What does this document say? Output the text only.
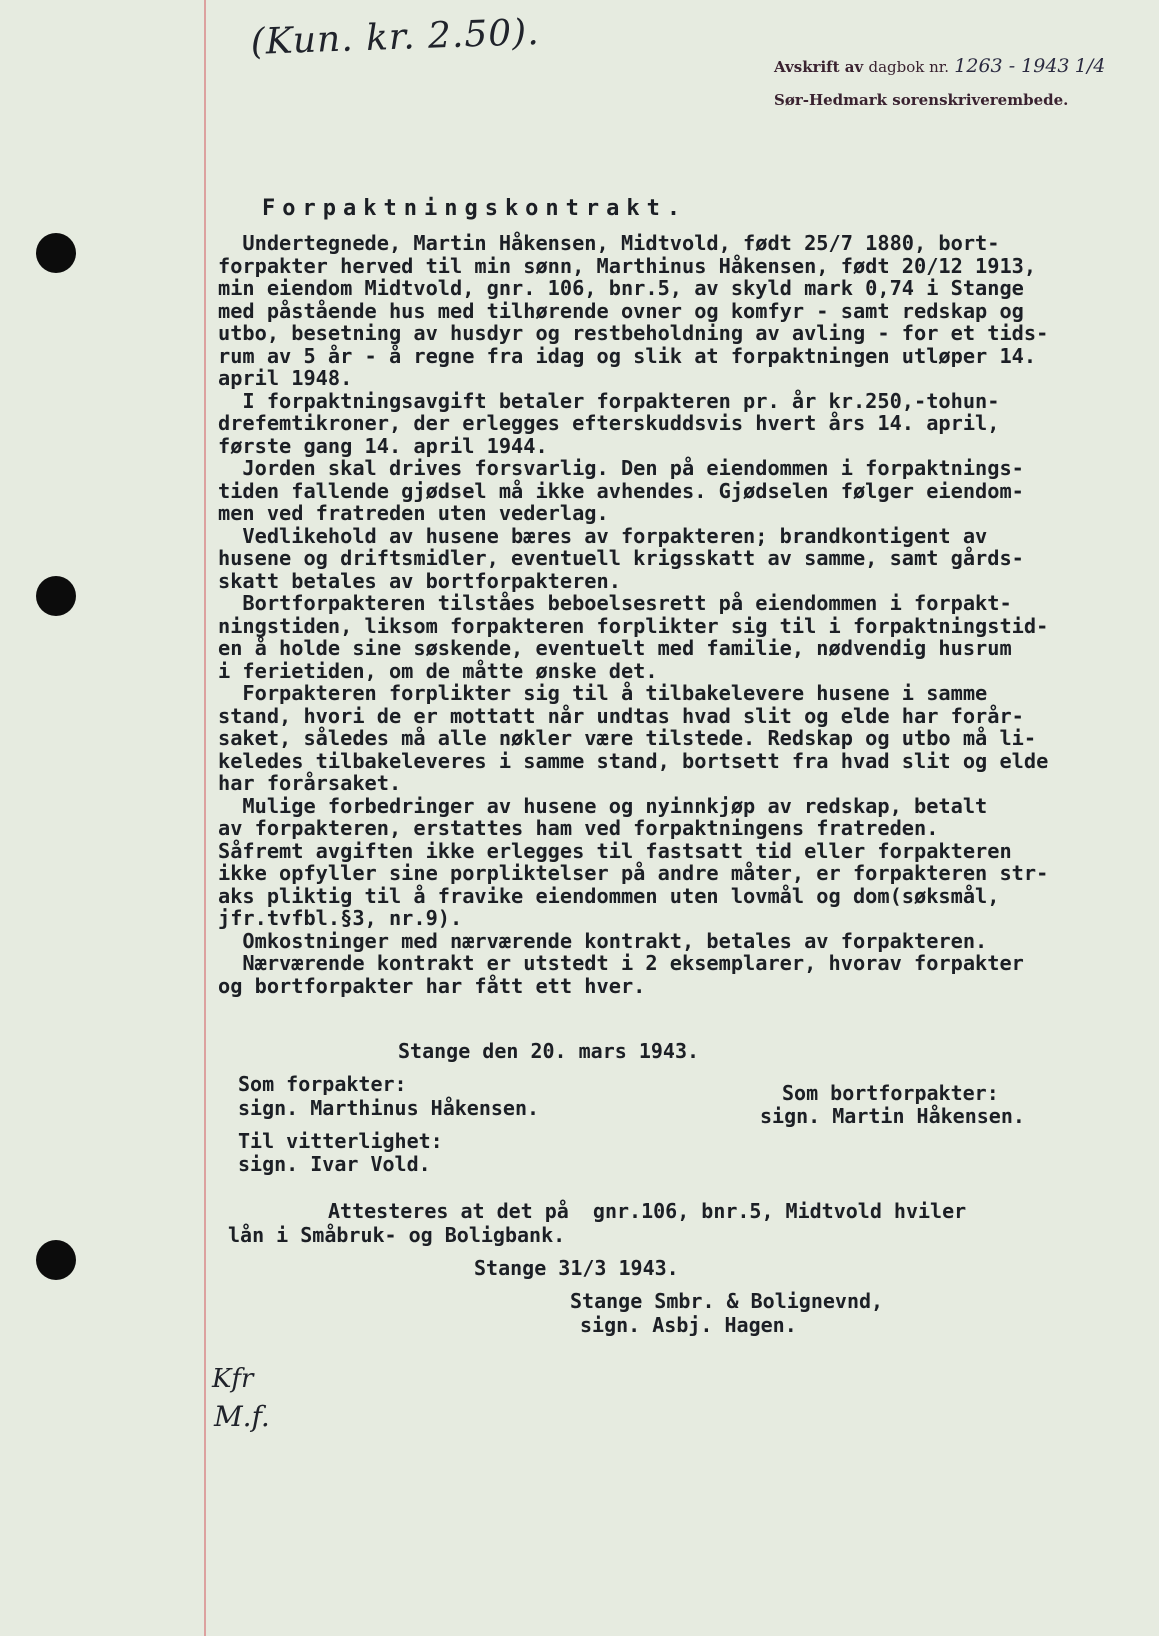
(Kun. kr. 2.50).
Avskrift av dagbok nr. 1263 - 1943 1/4
Sør-Hedmark sorenskriverembede.
Forpaktningskontrakt.
Undertegnede, Martin Håkensen, Midtvold, født 25/7 1880, bort-
forpakter herved til min sønn, Marthinus Håkensen, født 20/12 1913,
min eiendom Midtvold, gnr. 106, bnr.5, av skyld mark 0,74 i Stange
med påstående hus med tilhørende ovner og komfyr - samt redskap og
utbo, besetning av husdyr og restbeholdning av avling - for et tids-
rum av 5 år - å regne fra idag og slik at forpaktningen utløper 14.
april 1948.
I forpaktningsavgift betaler forpakteren pr. år kr.250,-tohun-
drefemtikroner, der erlegges efterskuddsvis hvert års 14. april,
første gang 14. april 1944.
Jorden skal drives forsvarlig. Den på eiendommen i forpaktnings-
tiden fallende gjødsel må ikke avhendes. Gjødselen følger eiendom-
men ved fratreden uten vederlag.
Vedlikehold av husene bæres av forpakteren; brandkontigent av
husene og driftsmidler, eventuell krigsskatt av samme, samt gårds-
skatt betales av bortforpakteren.
Bortforpakteren tilståes beboelsesrett på eiendommen i forpakt-
ningstiden, liksom forpakteren forplikter sig til i forpaktningstid-
en å holde sine søskende, eventuelt med familie, nødvendig husrum
i ferietiden, om de måtte ønske det.
Forpakteren forplikter sig til å tilbakelevere husene i samme
stand, hvori de er mottatt når undtas hvad slit og elde har forår-
saket, således må alle nøkler være tilstede. Redskap og utbo må li-
keledes tilbakeleveres i samme stand, bortsett fra hvad slit og elde
har forårsaket.
Mulige forbedringer av husene og nyinnkjøp av redskap, betalt
av forpakteren, erstattes ham ved forpaktningens fratreden.
Såfremt avgiften ikke erlegges til fastsatt tid eller forpakteren
ikke opfyller sine porpliktelser på andre måter, er forpakteren str-
aks pliktig til å fravike eiendommen uten lovmål og dom(søksmål,
jfr.tvfbl.§3, nr.9).
Omkostninger med nærværende kontrakt, betales av forpakteren.
Nærværende kontrakt er utstedt i 2 eksemplarer, hvorav forpakter
og bortforpakter har fått ett hver.
Stange den 20. mars 1943.
Som forpakter:
sign. Marthinus Håkensen.
Som bortforpakter:
sign. Martin Håkensen.
Til vitterlighet:
sign. Ivar Vold.
Attesteres at det på  gnr.106, bnr.5, Midtvold hviler
lån i Småbruk- og Boligbank.
Stange 31/3 1943.
Stange Smbr. & Bolignevnd,
sign. Asbj. Hagen.
Kfr
M.f.
